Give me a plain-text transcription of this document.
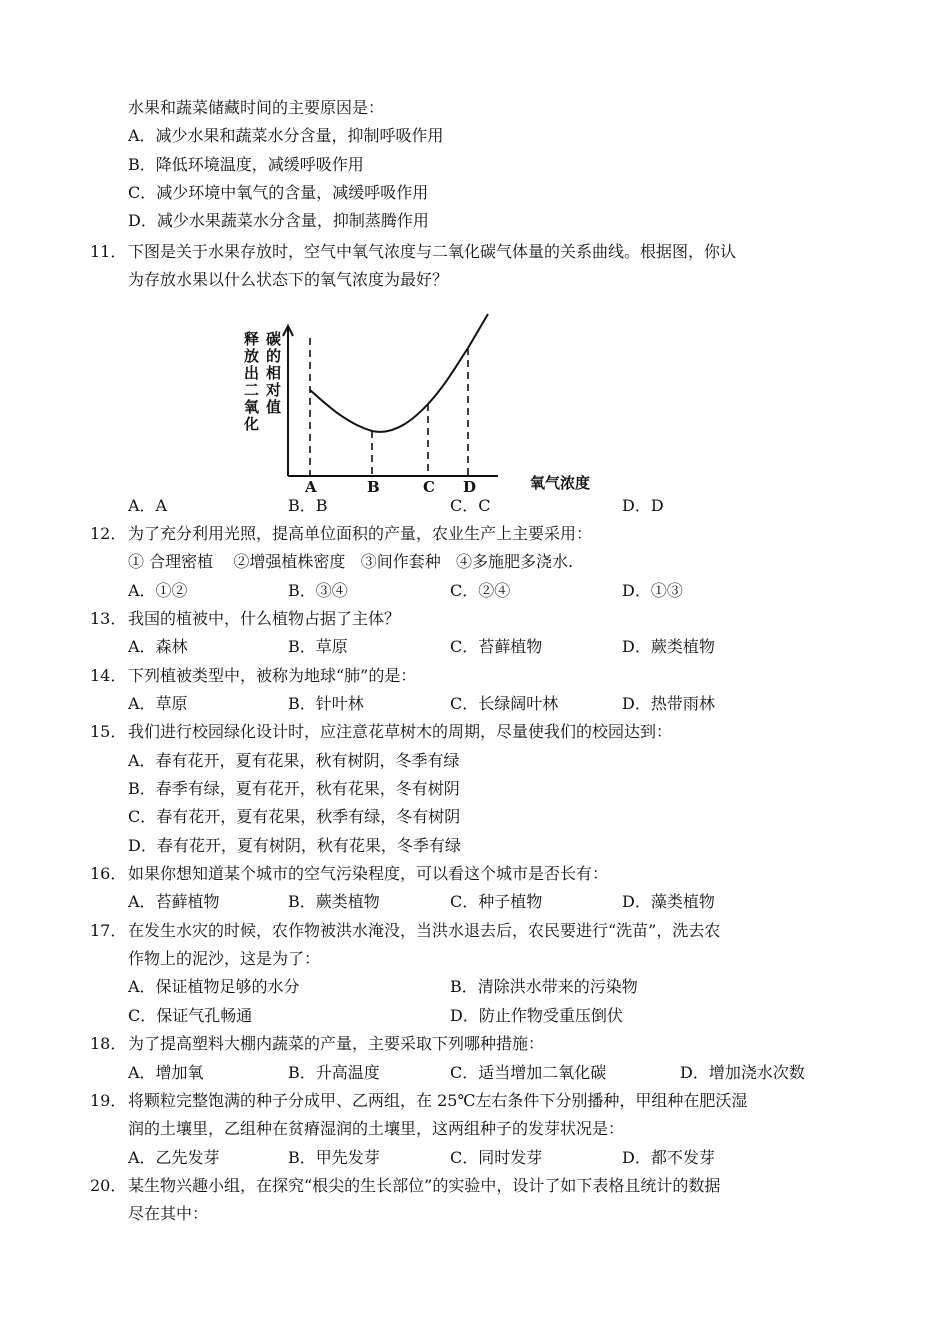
水果和蔬菜储藏时间的主要原因是：
A．减少水果和蔬菜水分含量，抑制呼吸作用
B．降低环境温度，减缓呼吸作用
C．减少环境中氧气的含量，减缓呼吸作用
D．减少水果蔬菜水分含量，抑制蒸腾作用
11． 下图是关于水果存放时，空气中氧气浓度与二氧化碳气体量的关系曲线。根据图，你认
为存放水果以什么状态下的氧气浓度为最好？
A	B	C D	氧气浓度
释放出二氧化
碳的相对值
A．A	B．B	C．C	D．D
12． 为了充分利用光照，提高单位面积的产量，农业生产上主要采用：
① 合理密植    ②增强植株密度   ③间作套种   ④多施肥多浇水.
A．①②	B．③④	C．②④	D．①③
13． 我国的植被中，什么植物占据了主体？
A．森林	B．草原	C．苔藓植物	D．蕨类植物
14． 下列植被类型中，被称为地球“肺”的是：
A．草原	B．针叶林	C．长绿阔叶林	D．热带雨林
15． 我们进行校园绿化设计时，应注意花草树木的周期，尽量使我们的校园达到：
A．春有花开，夏有花果，秋有树阴，冬季有绿
B．春季有绿，夏有花开，秋有花果，冬有树阴
C．春有花开，夏有花果，秋季有绿，冬有树阴
D．春有花开，夏有树阴，秋有花果，冬季有绿
16． 如果你想知道某个城市的空气污染程度，可以看这个城市是否长有：
A．苔藓植物	B．蕨类植物	C．种子植物	D．藻类植物
17． 在发生水灾的时候，农作物被洪水淹没，当洪水退去后，农民要进行“洗苗”，洗去农
作物上的泥沙，这是为了：
A．保证植物足够的水分	B．清除洪水带来的污染物
C．保证气孔畅通	D．防止作物受重压倒伏
18． 为了提高塑料大棚内蔬菜的产量，主要采取下列哪种措施：
A．增加氧	B．升高温度	C．适当增加二氧化碳	D．增加浇水次数
19． 将颗粒完整饱满的种子分成甲、乙两组，在 25℃左右条件下分别播种，甲组种在肥沃湿
润的土壤里，乙组种在贫瘠湿润的土壤里，这两组种子的发芽状况是：
A．乙先发芽	B．甲先发芽	C．同时发芽	D．都不发芽
20． 某生物兴趣小组，在探究“根尖的生长部位”的实验中，设计了如下表格且统计的数据
尽在其中：
